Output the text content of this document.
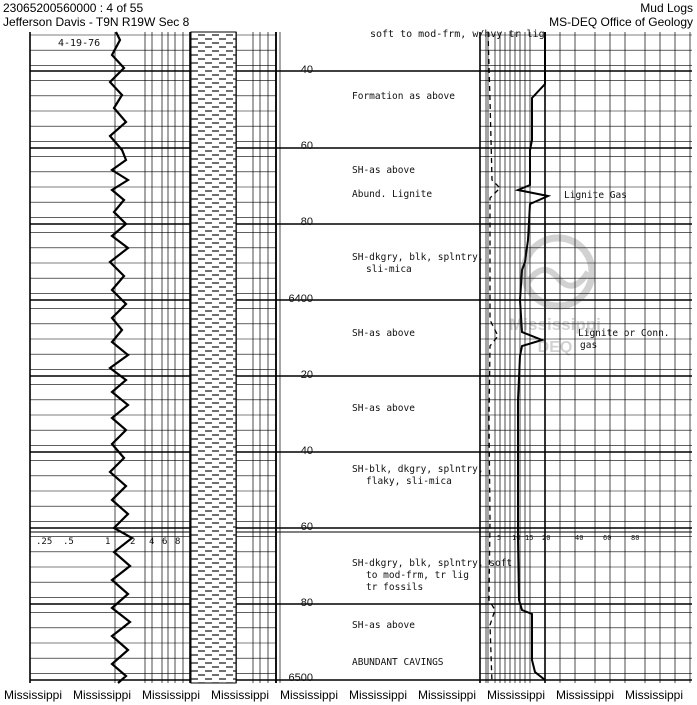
23065200560000 : 4 of 55
Jefferson Davis - T9N R19W Sec 8
Mud Logs
MS-DEQ Office of Geology
Mississippi
DEQ
4-19-76
soft to mod-frm, w/hvy tr lig
40
60
80
6400
20
40
60
80
6500
.25 .5	1 2 4 6 8	5 10 15 20	40	60	80
Formation as above
SH-as above
Abund. Lignite
SH-dkgry, blk, splntry,
sli-mica
SH-as above
SH-as above
SH-blk, dkgry, splntry,
flaky, sli-mica
SH-dkgry, blk, splntry, soft
to mod-frm, tr lig
tr fossils
SH-as above
ABUNDANT CAVINGS
Lignite Gas
Lignite or Conn.
gas
Mississippi Mississippi Mississippi Mississippi Mississippi Mississippi Mississippi Mississippi Mississippi Mississippi
